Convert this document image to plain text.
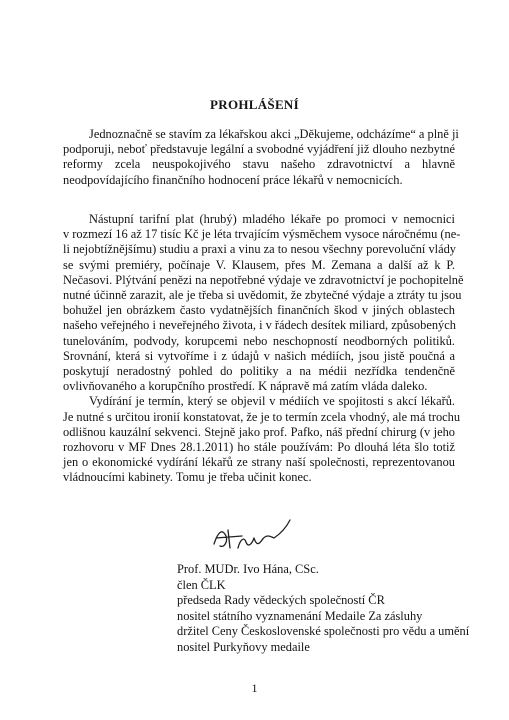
PROHLÁŠENÍ

Jednoznačně se stavím za lékařskou akci „Děkujeme, odcházíme“ a plně ji
podporuji, neboť představuje legální a svobodné vyjádření již dlouho nezbytné
reformy zcela neuspokojivého stavu našeho zdravotnictví a hlavně
neodpovídajícího finančního hodnocení práce lékařů v nemocnicích.

Nástupní tarifní plat (hrubý) mladého lékaře po promoci v nemocnici
v rozmezí 16 až 17 tisíc Kč je léta trvajícím výsměchem vysoce náročnému (ne-
li nejobtížnějšímu) studiu a praxi a vinu za to nesou všechny porevoluční vlády
se svými premiéry, počínaje V. Klausem, přes M. Zemana a další až k P.
Nečasovi. Plýtvání penězi na nepotřebné výdaje ve zdravotnictví je pochopitelně
nutné účinně zarazit, ale je třeba si uvědomit, že zbytečné výdaje a ztráty tu jsou
bohužel jen obrázkem často vydatnějších finančních škod v jiných oblastech
našeho veřejného i neveřejného života, i v řádech desítek miliard, způsobených
tunelováním, podvody, korupcemi nebo neschopností neodborných politiků.
Srovnání, která si vytvoříme i z údajů v našich médiích, jsou jistě poučná a
poskytují neradostný pohled do politiky a na médii nezřídka tendenčně
ovlivňovaného a korupčního prostředí. K nápravě má zatím vláda daleko.
Vydírání je termín, který se objevil v médiích ve spojitosti s akcí lékařů.
Je nutné s určitou ironií konstatovat, že je to termín zcela vhodný, ale má trochu
odlišnou kauzální sekvenci. Stejně jako prof. Pafko, náš přední chirurg (v jeho
rozhovoru v MF Dnes 28.1.2011) ho stále používám: Po dlouhá léta šlo totiž
jen o ekonomické vydírání lékařů ze strany naší společnosti, reprezentovanou
vládnoucími kabinety. Tomu je třeba učinit konec.

Prof. MUDr. Ivo Hána, CSc.
člen ČLK
předseda Rady vědeckých společností ČR
nositel státního vyznamenání Medaile Za zásluhy
držitel Ceny Československé společnosti pro vědu a umění
nositel Purkyňovy medaile
1
